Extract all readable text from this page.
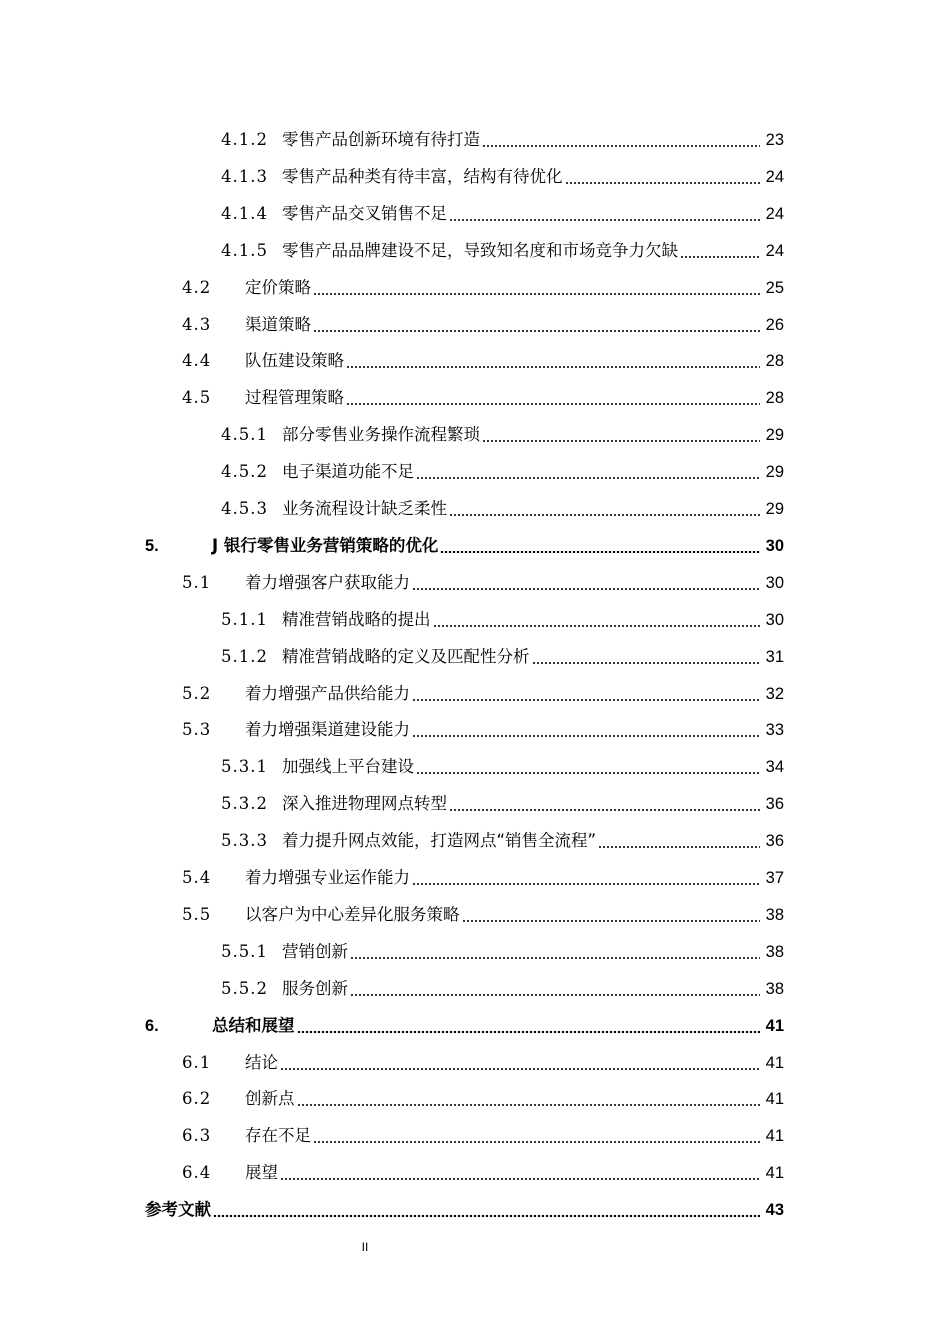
4.1.2 零售产品创新环境有待打造	23
4.1.3 零售产品种类有待丰富，结构有待优化	24
4.1.4 零售产品交叉销售不足	24
4.1.5 零售产品品牌建设不足，导致知名度和市场竞争力欠缺	24
4.2	定价策略	25
4.3	渠道策略	26
4.4	队伍建设策略	28
4.5	过程管理策略	28
4.5.1 部分零售业务操作流程繁琐	29
4.5.2 电子渠道功能不足	29
4.5.3 业务流程设计缺乏柔性	29
5.	J 银行零售业务营销策略的优化	30
5.1	着力增强客户获取能力	30
5.1.1 精准营销战略的提出	30
5.1.2 精准营销战略的定义及匹配性分析	31
5.2	着力增强产品供给能力	32
5.3	着力增强渠道建设能力	33
5.3.1 加强线上平台建设	34
5.3.2 深入推进物理网点转型	36
5.3.3 着力提升网点效能，打造网点“销售全流程”	36
5.4	着力增强专业运作能力	37
5.5	以客户为中心差异化服务策略	38
5.5.1 营销创新	38
5.5.2 服务创新	38
6.	总结和展望	41
6.1	结论	41
6.2	创新点	41
6.3	存在不足	41
6.4	展望	41
参考文献	43
II
